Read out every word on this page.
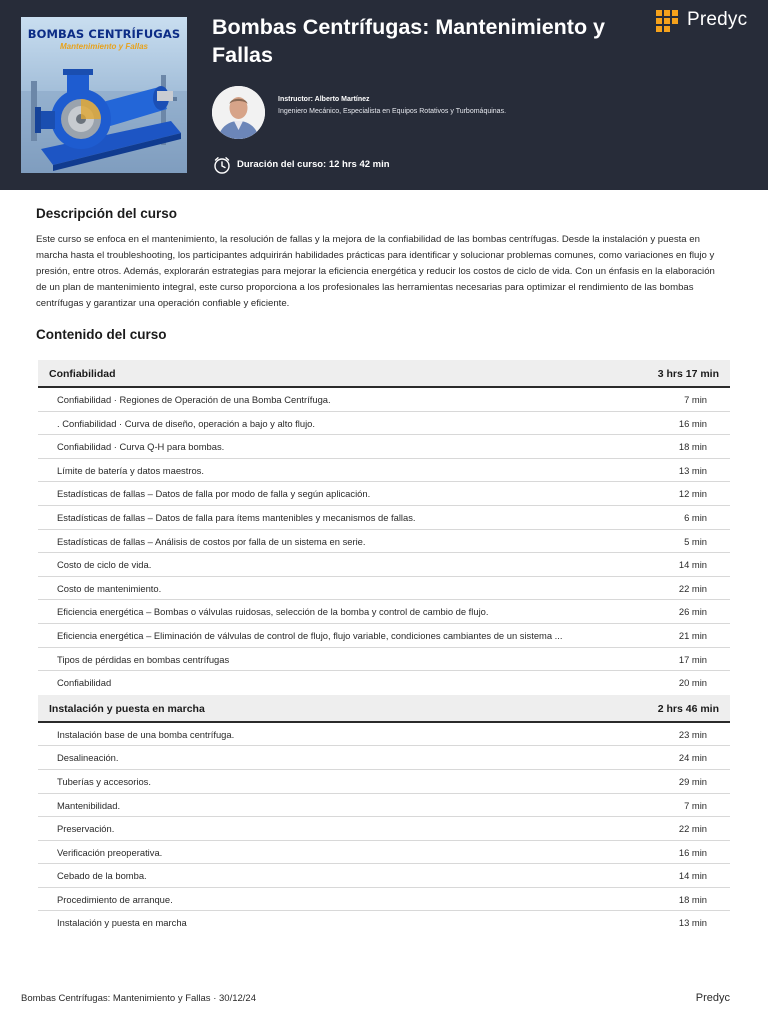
BOMBAS CENTRÍFUGAS
Mantenimiento y Fallas
Bombas Centrífugas: Mantenimiento y Fallas
Predyc
Instructor: Alberto Martínez
Ingeniero Mecánico, Especialista en Equipos Rotativos y Turbomáquinas.
Duración del curso: 12 hrs 42 min
Descripción del curso
Este curso se enfoca en el mantenimiento, la resolución de fallas y la mejora de la confiabilidad de las bombas centrífugas. Desde la instalación y puesta en marcha hasta el troubleshooting, los participantes adquirirán habilidades prácticas para identificar y solucionar problemas comunes, como variaciones en flujo y presión, entre otros. Además, explorarán estrategias para mejorar la eficiencia energética y reducir los costos de ciclo de vida. Con un énfasis en la elaboración de un plan de mantenimiento integral, este curso proporciona a los profesionales las herramientas necesarias para optimizar el rendimiento de las bombas centrífugas y garantizar una operación confiable y eficiente.
Contenido del curso
Confiabilidad	3 hrs 17 min
Confiabilidad · Regiones de Operación de una Bomba Centrífuga.	7 min
. Confiabilidad · Curva de diseño, operación a bajo y alto flujo.	16 min
Confiabilidad · Curva Q-H para bombas.	18 min
Límite de batería y datos maestros.	13 min
Estadísticas de fallas – Datos de falla por modo de falla y según aplicación.	12 min
Estadísticas de fallas – Datos de falla para ítems mantenibles y mecanismos de fallas.	6 min
Estadísticas de fallas – Análisis de costos por falla de un sistema en serie.	5 min
Costo de ciclo de vida.	14 min
Costo de mantenimiento.	22 min
Eficiencia energética – Bombas o válvulas ruidosas, selección de la bomba y control de cambio de flujo.	26 min
Eficiencia energética – Eliminación de válvulas de control de flujo, flujo variable, condiciones cambiantes de un sistema ...	21 min
Tipos de pérdidas en bombas centrífugas	17 min
Confiabilidad	20 min
Instalación y puesta en marcha	2 hrs 46 min
Instalación base de una bomba centrífuga.	23 min
Desalineación.	24 min
Tuberías y accesorios.	29 min
Mantenibilidad.	7 min
Preservación.	22 min
Verificación preoperativa.	16 min
Cebado de la bomba.	14 min
Procedimiento de arranque.	18 min
Instalación y puesta en marcha	13 min
Bombas Centrífugas: Mantenimiento y Fallas · 30/12/24	Predyc
